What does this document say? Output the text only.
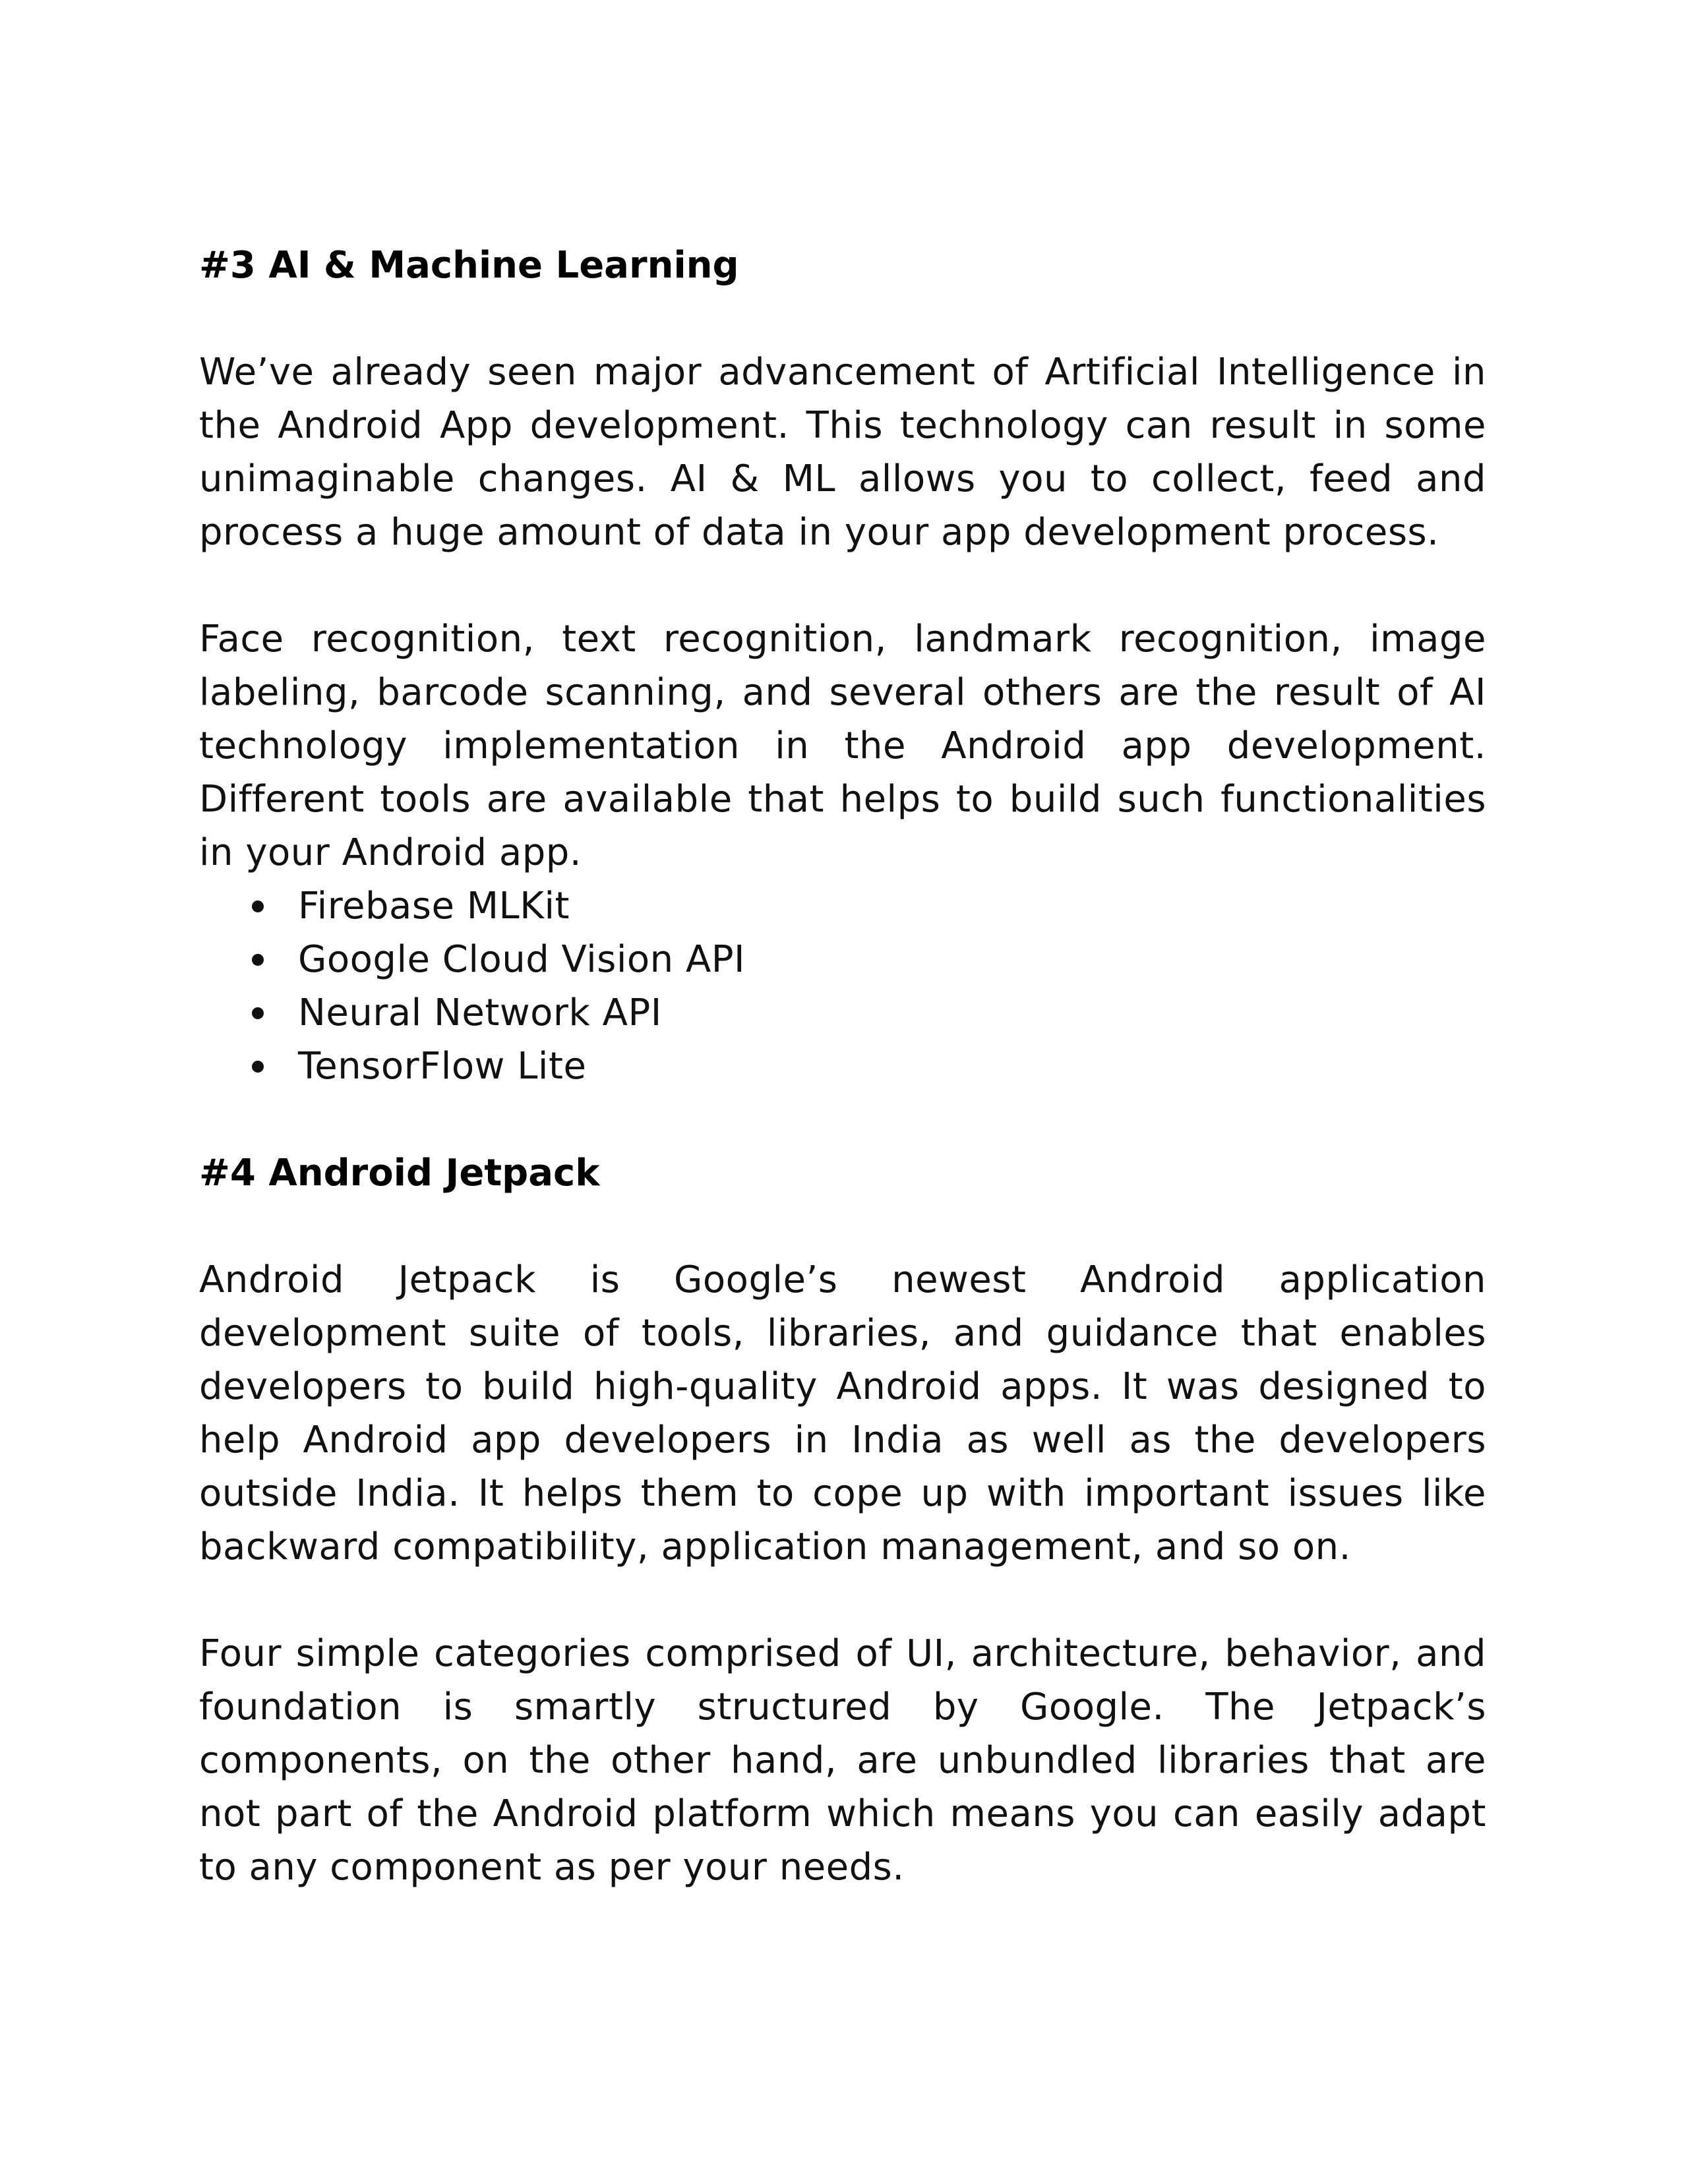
#3 AI & Machine Learning

We’ve already seen major advancement of Artificial Intelligence in the Android App development. This technology can result in some unimaginable changes. AI & ML allows you to collect, feed and process a huge amount of data in your app development process.

Face recognition, text recognition, landmark recognition, image labeling, barcode scanning, and several others are the result of AI technology implementation in the Android app development. Different tools are available that helps to build such functionalities in your Android app.

Firebase MLKit
Google Cloud Vision API
Neural Network API
TensorFlow Lite
#4 Android Jetpack

Android Jetpack is Google’s newest Android application development suite of tools, libraries, and guidance that enables developers to build high-quality Android apps. It was designed to help Android app developers in India as well as the developers outside India. It helps them to cope up with important issues like backward compatibility, application management, and so on.

Four simple categories comprised of UI, architecture, behavior, and foundation is smartly structured by Google. The Jetpack’s components, on the other hand, are unbundled libraries that are not part of the Android platform which means you can easily adapt to any component as per your needs.
